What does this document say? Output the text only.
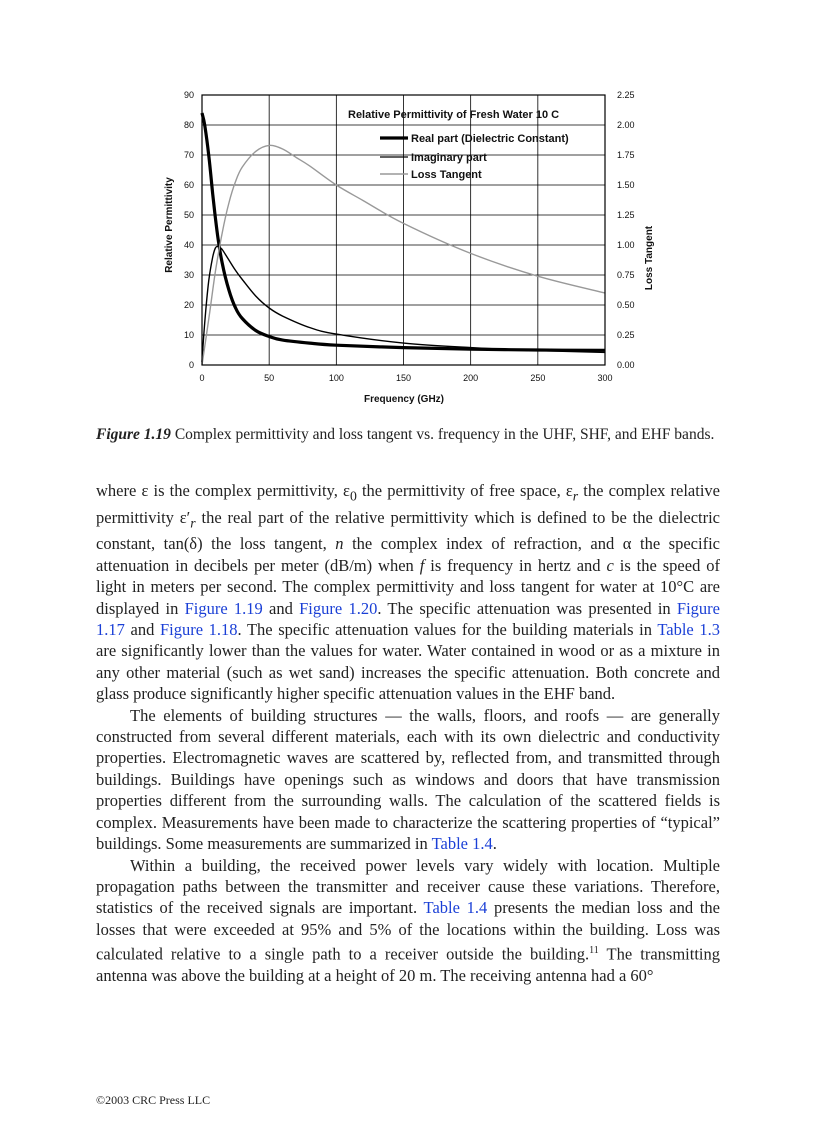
0
10
20
30
40
50
60
70
80
90
0.00
0.25
0.50
0.75
1.00
1.25
1.50
1.75
2.00
2.25
0	50	100	150	200	250	300
Relative Permittivity of Fresh Water 10 C
Real part (Dielectric Constant)
Imaginary part
Loss Tangent
Frequency (GHz)
Relative Permittivity	Loss Tangent
Figure 1.19 Complex permittivity and loss tangent vs. frequency in the UHF, SHF, and EHF bands.

where ε is the complex permittivity, $\varepsilon_0$ the permittivity of free space, $\varepsilon_r$ the complex relative permittivity $\varepsilon'_r$ the real part of the relative permittivity which is defined to be the dielectric constant, tan(δ) the loss tangent, n the complex index of refraction, and α the specific attenuation in decibels per meter (dB/m) when f is frequency in hertz and c is the speed of light in meters per second. The complex permittivity and loss tangent for water at 10°C are displayed in Figure 1.19 and Figure 1.20. The specific attenuation was presented in Figure 1.17 and Figure 1.18. The specific attenuation values for the building materials in Table 1.3 are significantly lower than the values for water. Water contained in wood or as a mixture in any other material (such as wet sand) increases the specific attenuation. Both concrete and glass produce significantly higher specific attenuation values in the EHF band.

The elements of building structures — the walls, floors, and roofs — are generally constructed from several different materials, each with its own dielectric and conductivity properties. Electromagnetic waves are scattered by, reflected from, and transmitted through buildings. Buildings have openings such as windows and doors that have transmission properties different from the surrounding walls. The calculation of the scattered fields is complex. Measurements have been made to characterize the scattering properties of “typical” buildings. Some measurements are summarized in Table 1.4.

Within a building, the received power levels vary widely with location. Multiple propagation paths between the transmitter and receiver cause these variations. Therefore, statistics of the received signals are important. Table 1.4 presents the median loss and the losses that were exceeded at 95% and 5% of the locations within the building. Loss was calculated relative to a single path to a receiver outside the building.$^{11}$ The transmitting antenna was above the building at a height of 20 m. The receiving antenna had a 60°

©2003 CRC Press LLC
